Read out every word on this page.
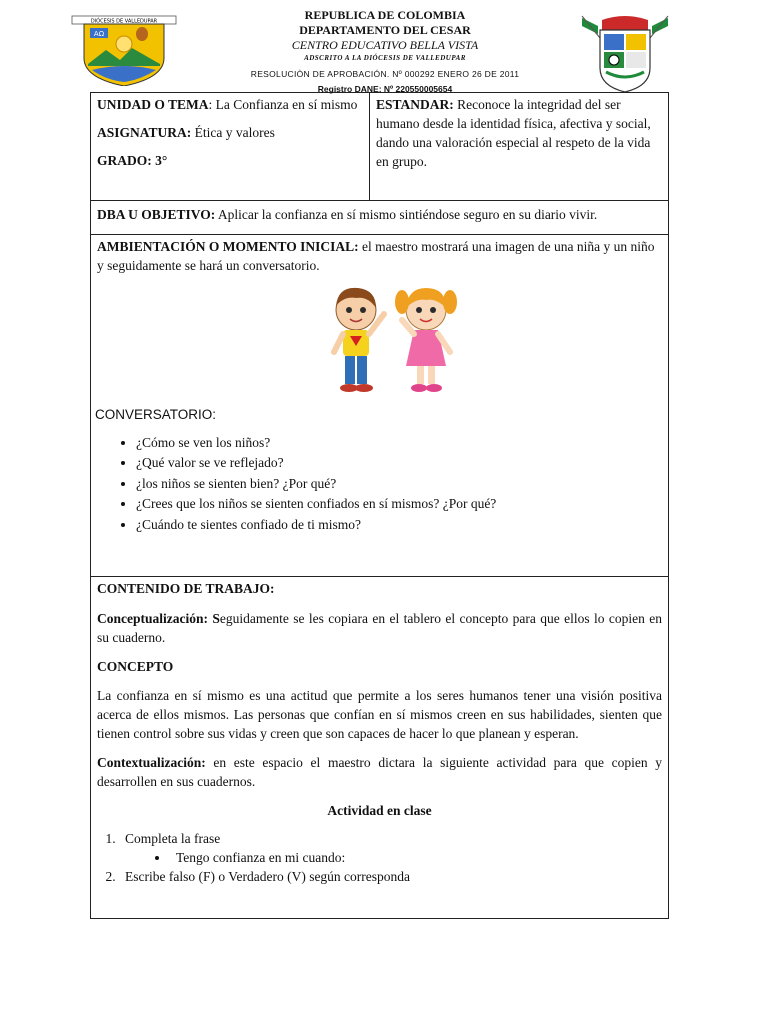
DIÓCESIS DE VALLEDUPAR
ΑΩ
REPUBLICA DE COLOMBIA
DEPARTAMENTO DEL CESAR
CENTRO EDUCATIVO BELLA VISTA
ADSCRITO A LA DIÓCESIS DE VALLEDUPAR
RESOLUCIÒN DE APROBACIÓN. Nº 000292 ENERO 26 DE 2011
Registro DANE: Nº 220550005654

UNIDAD O TEMA: La Confianza en sí mismo

ASIGNATURA: Ética y valores

GRADO: 3°

ESTANDAR: Reconoce la integridad del ser humano desde la identidad física, afectiva y social, dando una valoración especial al respeto de la vida en grupo.

DBA U OBJETIVO: Aplicar la confianza en sí mismo sintiéndose seguro en su diario vivir.

AMBIENTACIÓN O MOMENTO INICIAL: el maestro mostrará una imagen de una niña y un niño y seguidamente se hará un conversatorio.

CONVERSATORIO:
• ¿Cómo se ven los niños?
• ¿Qué valor se ve reflejado?
• ¿los niños se sienten bien? ¿Por qué?
• ¿Crees que los niños se sienten confiados en sí mismos? ¿Por qué?
• ¿Cuándo te sientes confiado de ti mismo?

CONTENIDO DE TRABAJO:

Conceptualización: Seguidamente se les copiara en el tablero el concepto para que ellos lo copien en su cuaderno.

CONCEPTO

La confianza en sí mismo es una actitud que permite a los seres humanos tener una visión positiva acerca de ellos mismos. Las personas que confían en sí mismos creen en sus habilidades, sienten que tienen control sobre sus vidas y creen que son capaces de hacer lo que planean y esperan.

Contextualización: en este espacio el maestro dictara la siguiente actividad para que copien y desarrollen en sus cuadernos.

Actividad en clase

1. Completa la frase
• Tengo confianza en mi cuando:
2. Escribe falso (F) o Verdadero (V) según corresponda
